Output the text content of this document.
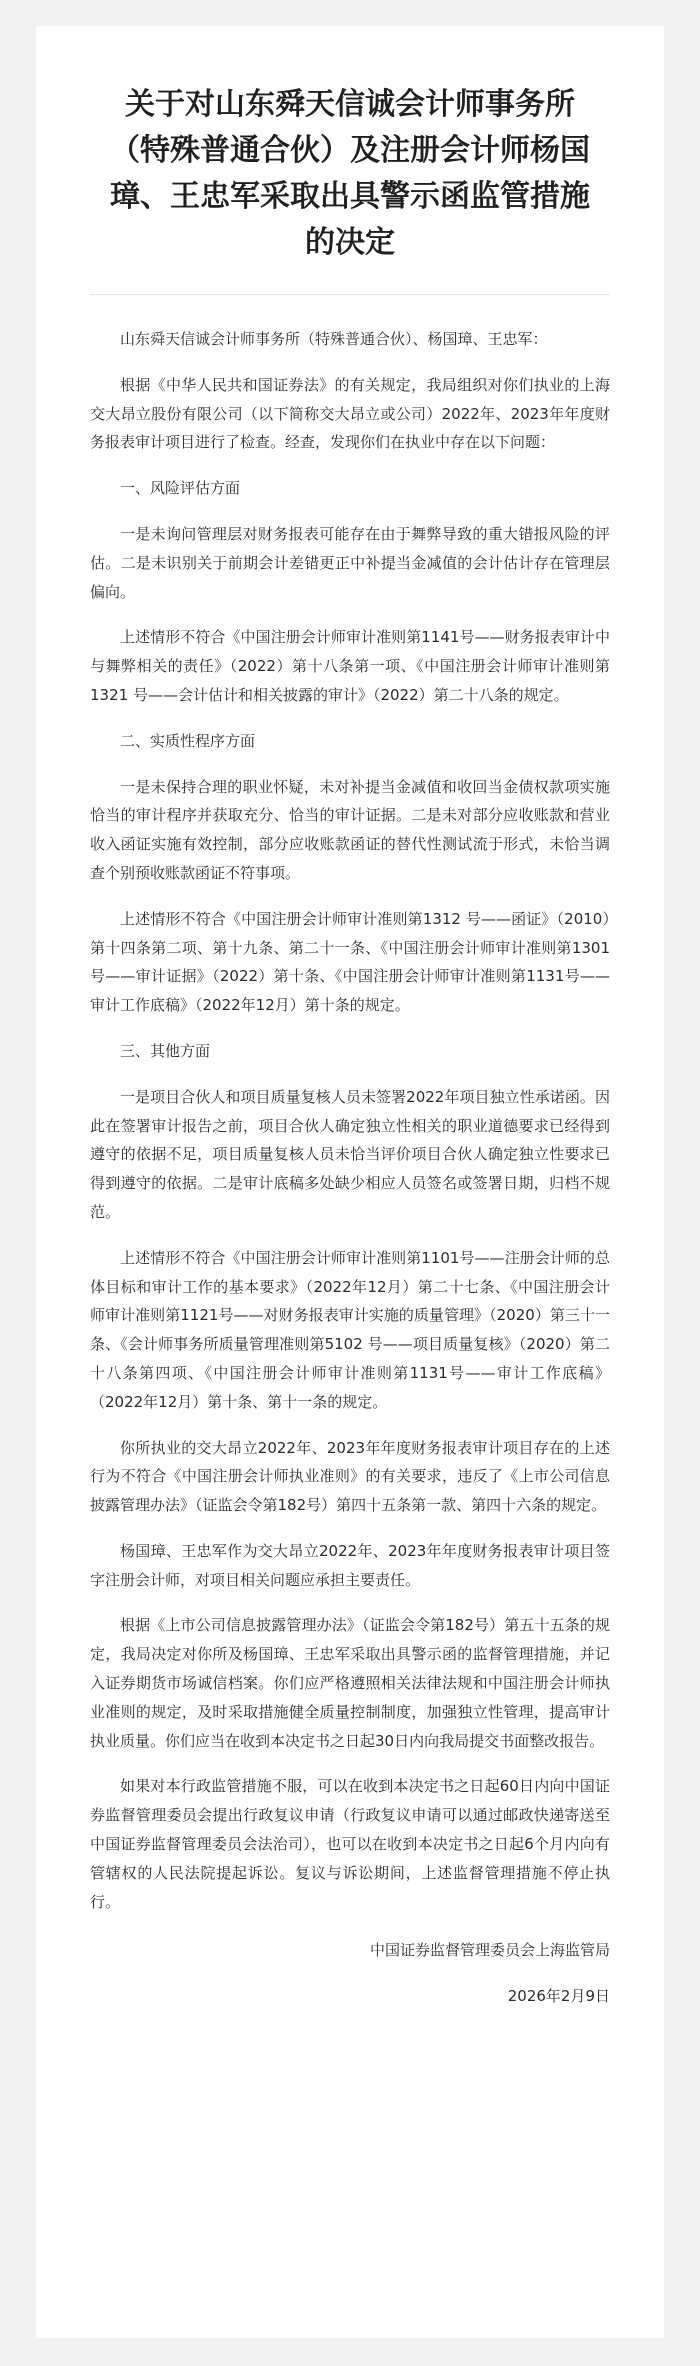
关于对山东舜天信诚会计师事务所（特殊普通合伙）及注册会计师杨国璋、王忠军采取出具警示函监管措施的决定

山东舜天信诚会计师事务所（特殊普通合伙）、杨国璋、王忠军：

根据《中华人民共和国证券法》的有关规定，我局组织对你们执业的上海交大昂立股份有限公司（以下简称交大昂立或公司）2022年、2023年年度财务报表审计项目进行了检查。经查，发现你们在执业中存在以下问题：

一、风险评估方面

一是未询问管理层对财务报表可能存在由于舞弊导致的重大错报风险的评估。二是未识别关于前期会计差错更正中补提当金减值的会计估计存在管理层偏向。

上述情形不符合《中国注册会计师审计准则第1141号——财务报表审计中与舞弊相关的责任》（2022）第十八条第一项、《中国注册会计师审计准则第 1321 号——会计估计和相关披露的审计》（2022）第二十八条的规定。

二、实质性程序方面

一是未保持合理的职业怀疑，未对补提当金减值和收回当金债权款项实施恰当的审计程序并获取充分、恰当的审计证据。二是未对部分应收账款和营业收入函证实施有效控制，部分应收账款函证的替代性测试流于形式，未恰当调查个别预收账款函证不符事项。

上述情形不符合《中国注册会计师审计准则第1312 号——函证》（2010）第十四条第二项、第十九条、第二十一条、《中国注册会计师审计准则第1301号——审计证据》（2022）第十条、《中国注册会计师审计准则第1131号——审计工作底稿》（2022年12月）第十条的规定。

三、其他方面

一是项目合伙人和项目质量复核人员未签署2022年项目独立性承诺函。因此在签署审计报告之前，项目合伙人确定独立性相关的职业道德要求已经得到遵守的依据不足，项目质量复核人员未恰当评价项目合伙人确定独立性要求已得到遵守的依据。二是审计底稿多处缺少相应人员签名或签署日期，归档不规范。

上述情形不符合《中国注册会计师审计准则第1101号——注册会计师的总体目标和审计工作的基本要求》（2022年12月）第二十七条、《中国注册会计师审计准则第1121号——对财务报表审计实施的质量管理》（2020）第三十一条、《会计师事务所质量管理准则第5102 号——项目质量复核》（2020）第二十八条第四项、《中国注册会计师审计准则第1131号——审计工作底稿》（2022年12月）第十条、第十一条的规定。

你所执业的交大昂立2022年、2023年年度财务报表审计项目存在的上述行为不符合《中国注册会计师执业准则》的有关要求，违反了《上市公司信息披露管理办法》（证监会令第182号）第四十五条第一款、第四十六条的规定。

杨国璋、王忠军作为交大昂立2022年、2023年年度财务报表审计项目签字注册会计师，对项目相关问题应承担主要责任。

根据《上市公司信息披露管理办法》（证监会令第182号）第五十五条的规定，我局决定对你所及杨国璋、王忠军采取出具警示函的监督管理措施，并记入证券期货市场诚信档案。你们应严格遵照相关法律法规和中国注册会计师执业准则的规定，及时采取措施健全质量控制制度，加强独立性管理，提高审计执业质量。你们应当在收到本决定书之日起30日内向我局提交书面整改报告。

如果对本行政监管措施不服，可以在收到本决定书之日起60日内向中国证券监督管理委员会提出行政复议申请（行政复议申请可以通过邮政快递寄送至中国证券监督管理委员会法治司），也可以在收到本决定书之日起6个月内向有管辖权的人民法院提起诉讼。复议与诉讼期间，上述监督管理措施不停止执行。

中国证券监督管理委员会上海监管局

2026年2月9日
